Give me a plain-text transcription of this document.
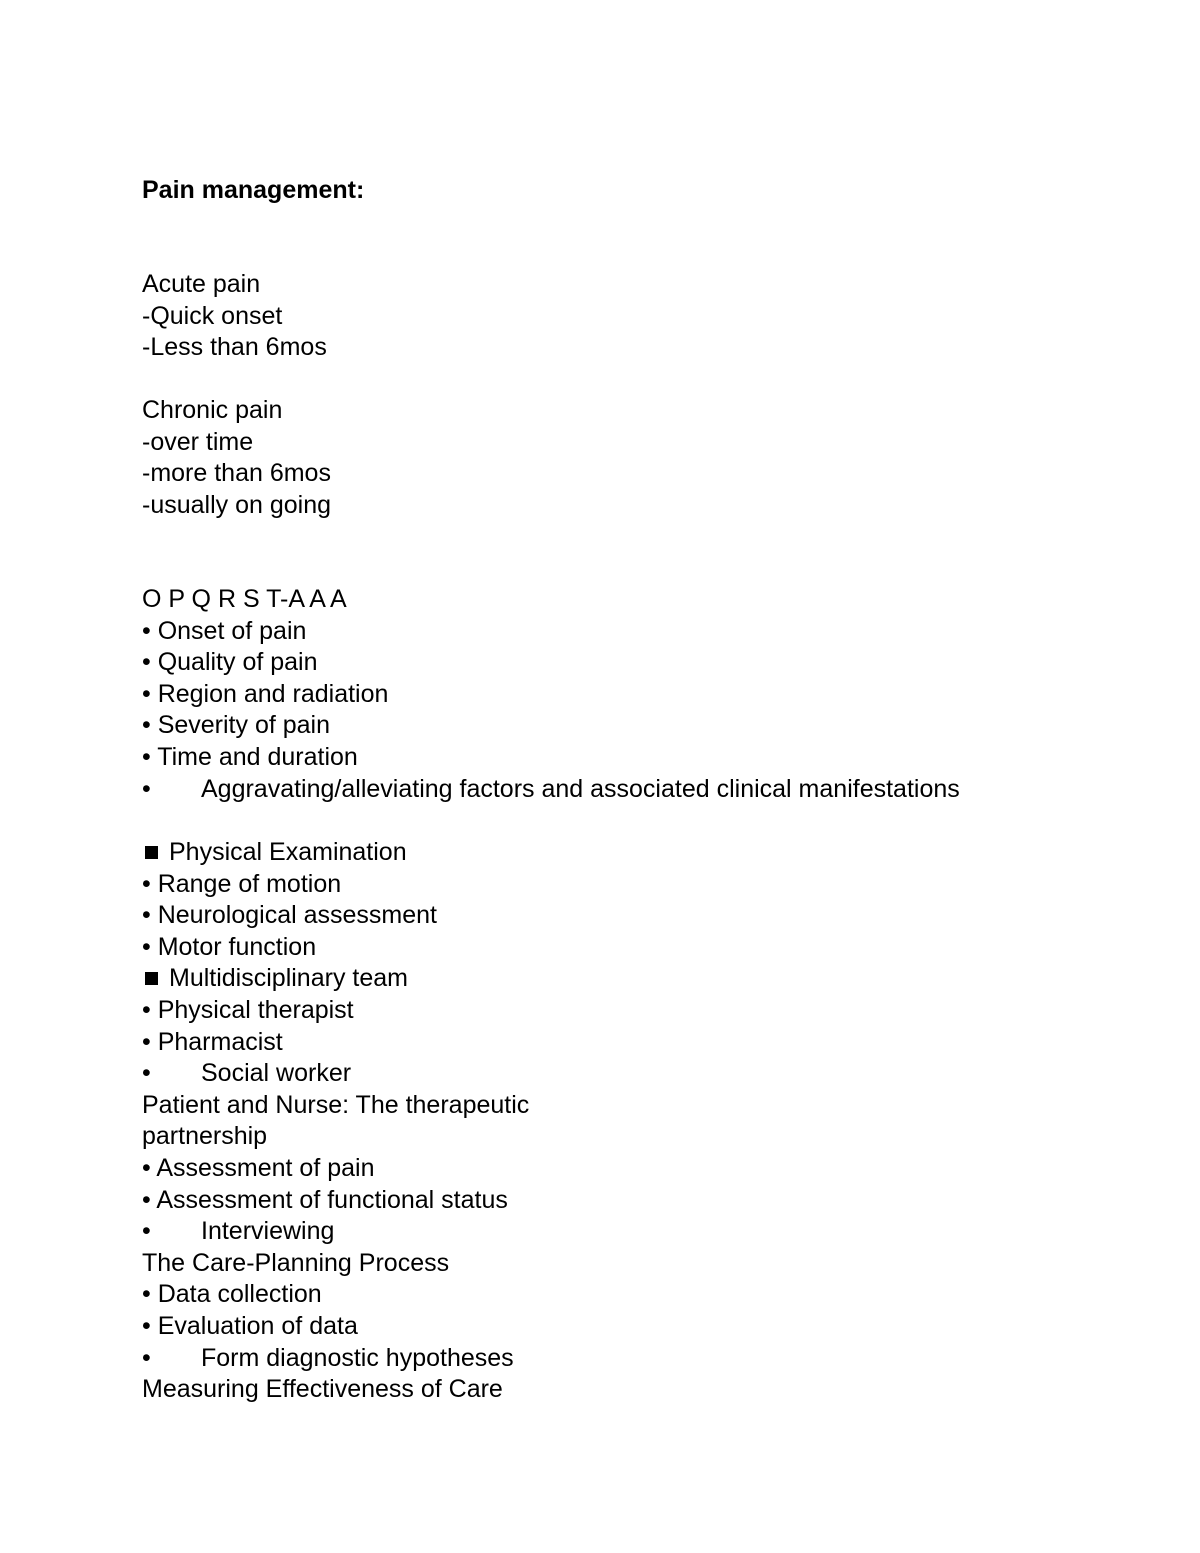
Pain management:
Acute pain
-Quick onset
-Less than 6mos
Chronic pain
-over time
-more than 6mos
-usually on going
O P Q R S T-A A A
• Onset of pain
• Quality of pain
• Region and radiation
• Severity of pain
• Time and duration
• Aggravating/alleviating factors and associated clinical manifestations
Physical Examination
• Range of motion
• Neurological assessment
• Motor function
Multidisciplinary team
• Physical therapist
• Pharmacist
• Social worker
Patient and Nurse: The therapeutic
partnership
• Assessment of pain
• Assessment of functional status
• Interviewing
The Care-Planning Process
• Data collection
• Evaluation of data
• Form diagnostic hypotheses
Measuring Effectiveness of Care
